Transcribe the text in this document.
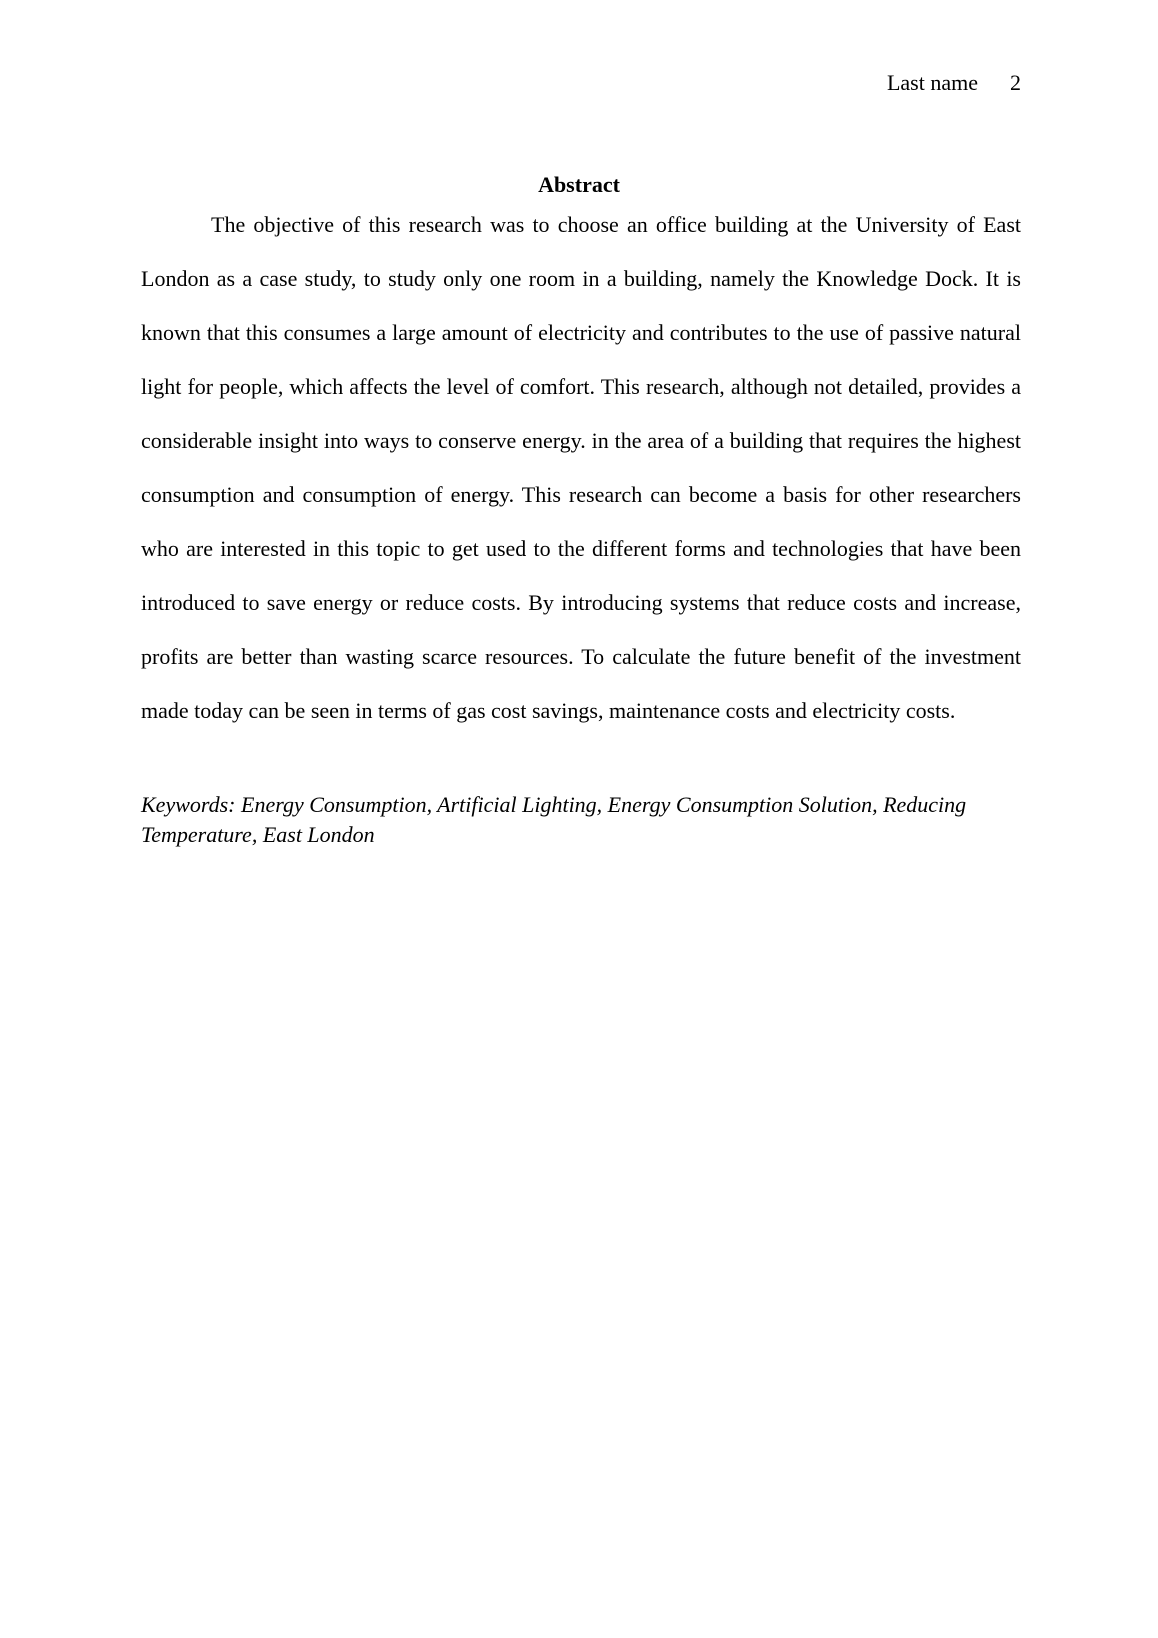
Last name 2
Abstract

The objective of this research was to choose an office building at the University of East London as a case study, to study only one room in a building, namely the Knowledge Dock. It is known that this consumes a large amount of electricity and contributes to the use of passive natural light for people, which affects the level of comfort. This research, although not detailed, provides a considerable insight into ways to conserve energy. in the area of a building that requires the highest consumption and consumption of energy. This research can become a basis for other researchers who are interested in this topic to get used to the different forms and technologies that have been introduced to save energy or reduce costs. By introducing systems that reduce costs and increase, profits are better than wasting scarce resources. To calculate the future benefit of the investment made today can be seen in terms of gas cost savings, maintenance costs and electricity costs.

Keywords: Energy Consumption, Artificial Lighting, Energy Consumption Solution, Reducing Temperature, East London
